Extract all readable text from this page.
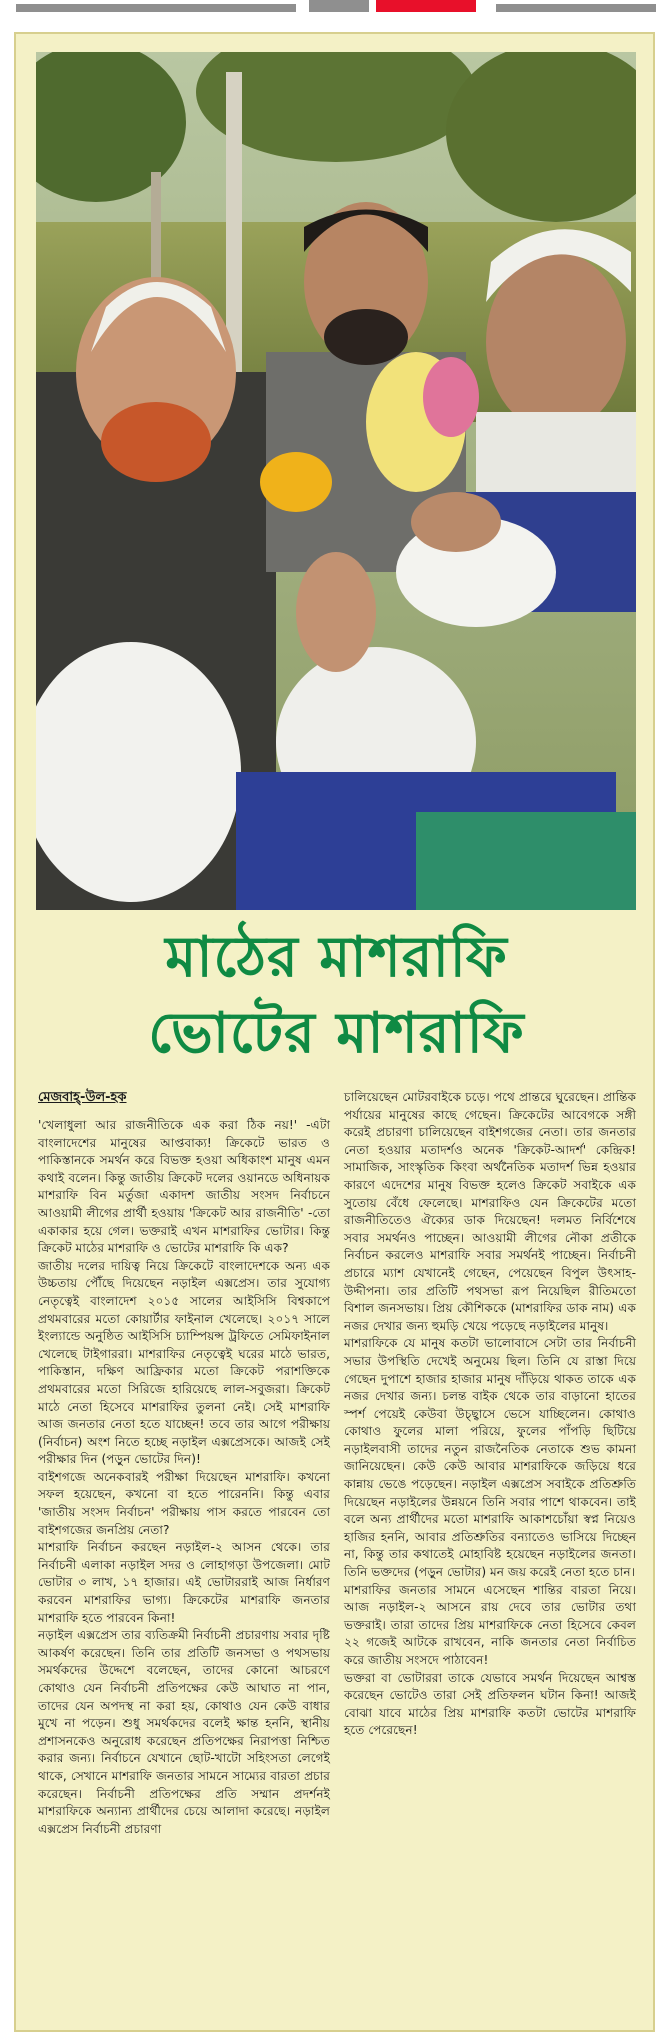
মাঠের মাশরাফি
ভোটের মাশরাফি
মেজবাহ্-উল-হক

'খেলাধুলা আর রাজনীতিকে এক করা ঠিক নয়!' -এটা বাংলাদেশের মানুষের আপ্তবাক্য! ক্রিকেটে ভারত ও পাকিস্তানকে সমর্থন করে বিভক্ত হওয়া অধিকাংশ মানুষ এমন কথাই বলেন। কিন্তু জাতীয় ক্রিকেট দলের ওয়ানডে অধিনায়ক মাশরাফি বিন মর্তুজা একাদশ জাতীয় সংসদ নির্বাচনে আওয়ামী লীগের প্রার্থী হওয়ায় 'ক্রিকেট আর রাজনীতি' -তো একাকার হয়ে গেল। ভক্তরাই এখন মাশরাফির ভোটার। কিন্তু ক্রিকেট মাঠের মাশরাফি ও ভোটের মাশরাফি কি এক?

জাতীয় দলের দায়িত্ব নিয়ে ক্রিকেটে বাংলাদেশকে অন্য এক উচ্চতায় পৌঁছে দিয়েছেন নড়াইল এক্সপ্রেস। তার সুযোগ্য নেতৃত্বেই বাংলাদেশ ২০১৫ সালের আইসিসি বিশ্বকাপে প্রথমবারের মতো কোয়ার্টার ফাইনাল খেলেছে। ২০১৭ সালে ইংল্যান্ডে অনুষ্ঠিত আইসিসি চ্যাম্পিয়ন্স ট্রফিতে সেমিফাইনাল খেলেছে টাইগাররা। মাশরাফির নেতৃত্বেই ঘরের মাঠে ভারত, পাকিস্তান, দক্ষিণ আফ্রিকার মতো ক্রিকেট পরাশক্তিকে প্রথমবারের মতো সিরিজে হারিয়েছে লাল-সবুজরা। ক্রিকেট মাঠে নেতা হিসেবে মাশরাফির তুলনা নেই। সেই মাশরাফি আজ জনতার নেতা হতে যাচ্ছেন! তবে তার আগে পরীক্ষায় (নির্বাচন) অংশ নিতে হচ্ছে নড়াইল এক্সপ্রেসকে। আজই সেই পরীক্ষার দিন (পড়ুন ভোটের দিন)!

বাইশগজে অনেকবারই পরীক্ষা দিয়েছেন মাশরাফি। কখনো সফল হয়েছেন, কখনো বা হতে পারেননি। কিন্তু এবার 'জাতীয় সংসদ নির্বাচন' পরীক্ষায় পাস করতে পারবেন তো বাইশগজের জনপ্রিয় নেতা?

মাশরাফি নির্বাচন করছেন নড়াইল-২ আসন থেকে। তার নির্বাচনী এলাকা নড়াইল সদর ও লোহাগড়া উপজেলা। মোট ভোটার ৩ লাখ, ১৭ হাজার। এই ভোটাররাই আজ নির্ধারণ করবেন মাশরাফির ভাগ্য। ক্রিকেটের মাশরাফি জনতার মাশরাফি হতে পারবেন কিনা!

নড়াইল এক্সপ্রেস তার ব্যতিক্রমী নির্বাচনী প্রচারণায় সবার দৃষ্টি আকর্ষণ করেছেন। তিনি তার প্রতিটি জনসভা ও পথসভায় সমর্থকদের উদ্দেশে বলেছেন, তাদের কোনো আচরণে কোথাও যেন নির্বাচনী প্রতিপক্ষের কেউ আঘাত না পান, তাদের যেন অপদস্থ না করা হয়, কোথাও যেন কেউ বাধার মুখে না পড়েন। শুধু সমর্থকদের বলেই ক্ষান্ত হননি, স্থানীয় প্রশাসনকেও অনুরোধ করেছেন প্রতিপক্ষের নিরাপত্তা নিশ্চিত করার জন্য। নির্বাচনে যেখানে ছোট-খাটো সহিংসতা লেগেই থাকে, সেখানে মাশরাফি জনতার সামনে সাম্যের বারতা প্রচার করেছেন। নির্বাচনী প্রতিপক্ষের প্রতি সম্মান প্রদর্শনই মাশরাফিকে অন্যান্য প্রার্থীদের চেয়ে আলাদা করেছে। নড়াইল এক্সপ্রেস নির্বাচনী প্রচারণা

চালিয়েছেন মোটরবাইকে চড়ে। পথে প্রান্তরে ঘুরেছেন। প্রান্তিক পর্যায়ের মানুষের কাছে গেছেন। ক্রিকেটের আবেগকে সঙ্গী করেই প্রচারণা চালিয়েছেন বাইশগজের নেতা। তার জনতার নেতা হওয়ার মতাদর্শও অনেক 'ক্রিকেট-আদর্শ' কেন্দ্রিক! সামাজিক, সাংস্কৃতিক কিংবা অর্থনৈতিক মতাদর্শ ভিন্ন হওয়ার কারণে এদেশের মানুষ বিভক্ত হলেও ক্রিকেট সবাইকে এক সুতোয় বেঁধে ফেলেছে। মাশরাফিও যেন ক্রিকেটের মতো রাজনীতিতেও ঐক্যের ডাক দিয়েছেন! দলমত নির্বিশেষে সবার সমর্থনও পাচ্ছেন। আওয়ামী লীগের নৌকা প্রতীকে নির্বাচন করলেও মাশরাফি সবার সমর্থনই পাচ্ছেন। নির্বাচনী প্রচারে ম্যাশ যেখানেই গেছেন, পেয়েছেন বিপুল উৎসাহ-উদ্দীপনা। তার প্রতিটি পথসভা রূপ নিয়েছিল রীতিমতো বিশাল জনসভায়। প্রিয় কৌশিককে (মাশরাফির ডাক নাম) এক নজর দেখার জন্য হুমড়ি খেয়ে পড়েছে নড়াইলের মানুষ।

মাশরাফিকে যে মানুষ কতটা ভালোবাসে সেটা তার নির্বাচনী সভার উপস্থিতি দেখেই অনুমেয় ছিল। তিনি যে রাস্তা দিয়ে গেছেন দুপাশে হাজার হাজার মানুষ দাঁড়িয়ে থাকত তাকে এক নজর দেখার জন্য। চলন্ত বাইক থেকে তার বাড়ানো হাতের স্পর্শ পেয়েই কেউবা উচ্ছ্বাসে ভেসে যাচ্ছিলেন। কোথাও কোথাও ফুলের মালা পরিয়ে, ফুলের পাঁপড়ি ছিটিয়ে নড়াইলবাসী তাদের নতুন রাজনৈতিক নেতাকে শুভ কামনা জানিয়েছেন। কেউ কেউ আবার মাশরাফিকে জড়িয়ে ধরে কান্নায় ভেঙে পড়েছেন। নড়াইল এক্সপ্রেস সবাইকে প্রতিশ্রুতি দিয়েছেন নড়াইলের উন্নয়নে তিনি সবার পাশে থাকবেন। তাই বলে অন্য প্রার্থীদের মতো মাশরাফি আকাশচোঁয়া স্বপ্ন নিয়েও হাজির হননি, আবার প্রতিশ্রুতির বন্যাতেও ভাসিয়ে দিচ্ছেন না, কিন্তু তার কথাতেই মোহাবিষ্ট হয়েছেন নড়াইলের জনতা। তিনি ভক্তদের (পড়ুন ভোটার) মন জয় করেই নেতা হতে চান।

মাশরাফির জনতার সামনে এসেছেন শান্তির বারতা নিয়ে। আজ নড়াইল-২ আসনে রায় দেবে তার ভোটার তথা ভক্তরাই। তারা তাদের প্রিয় মাশরাফিকে নেতা হিসেবে কেবল ২২ গজেই আটকে রাখবেন, নাকি জনতার নেতা নির্বাচিত করে জাতীয় সংসদে পাঠাবেন!

ভক্তরা বা ভোটাররা তাকে যেভাবে সমর্থন দিয়েছেন আশ্বস্ত করেছেন ভোটেও তারা সেই প্রতিফলন ঘটান কিনা! আজই বোঝা যাবে মাঠের প্রিয় মাশরাফি কতটা ভোটের মাশরাফি হতে পেরেছেন!
